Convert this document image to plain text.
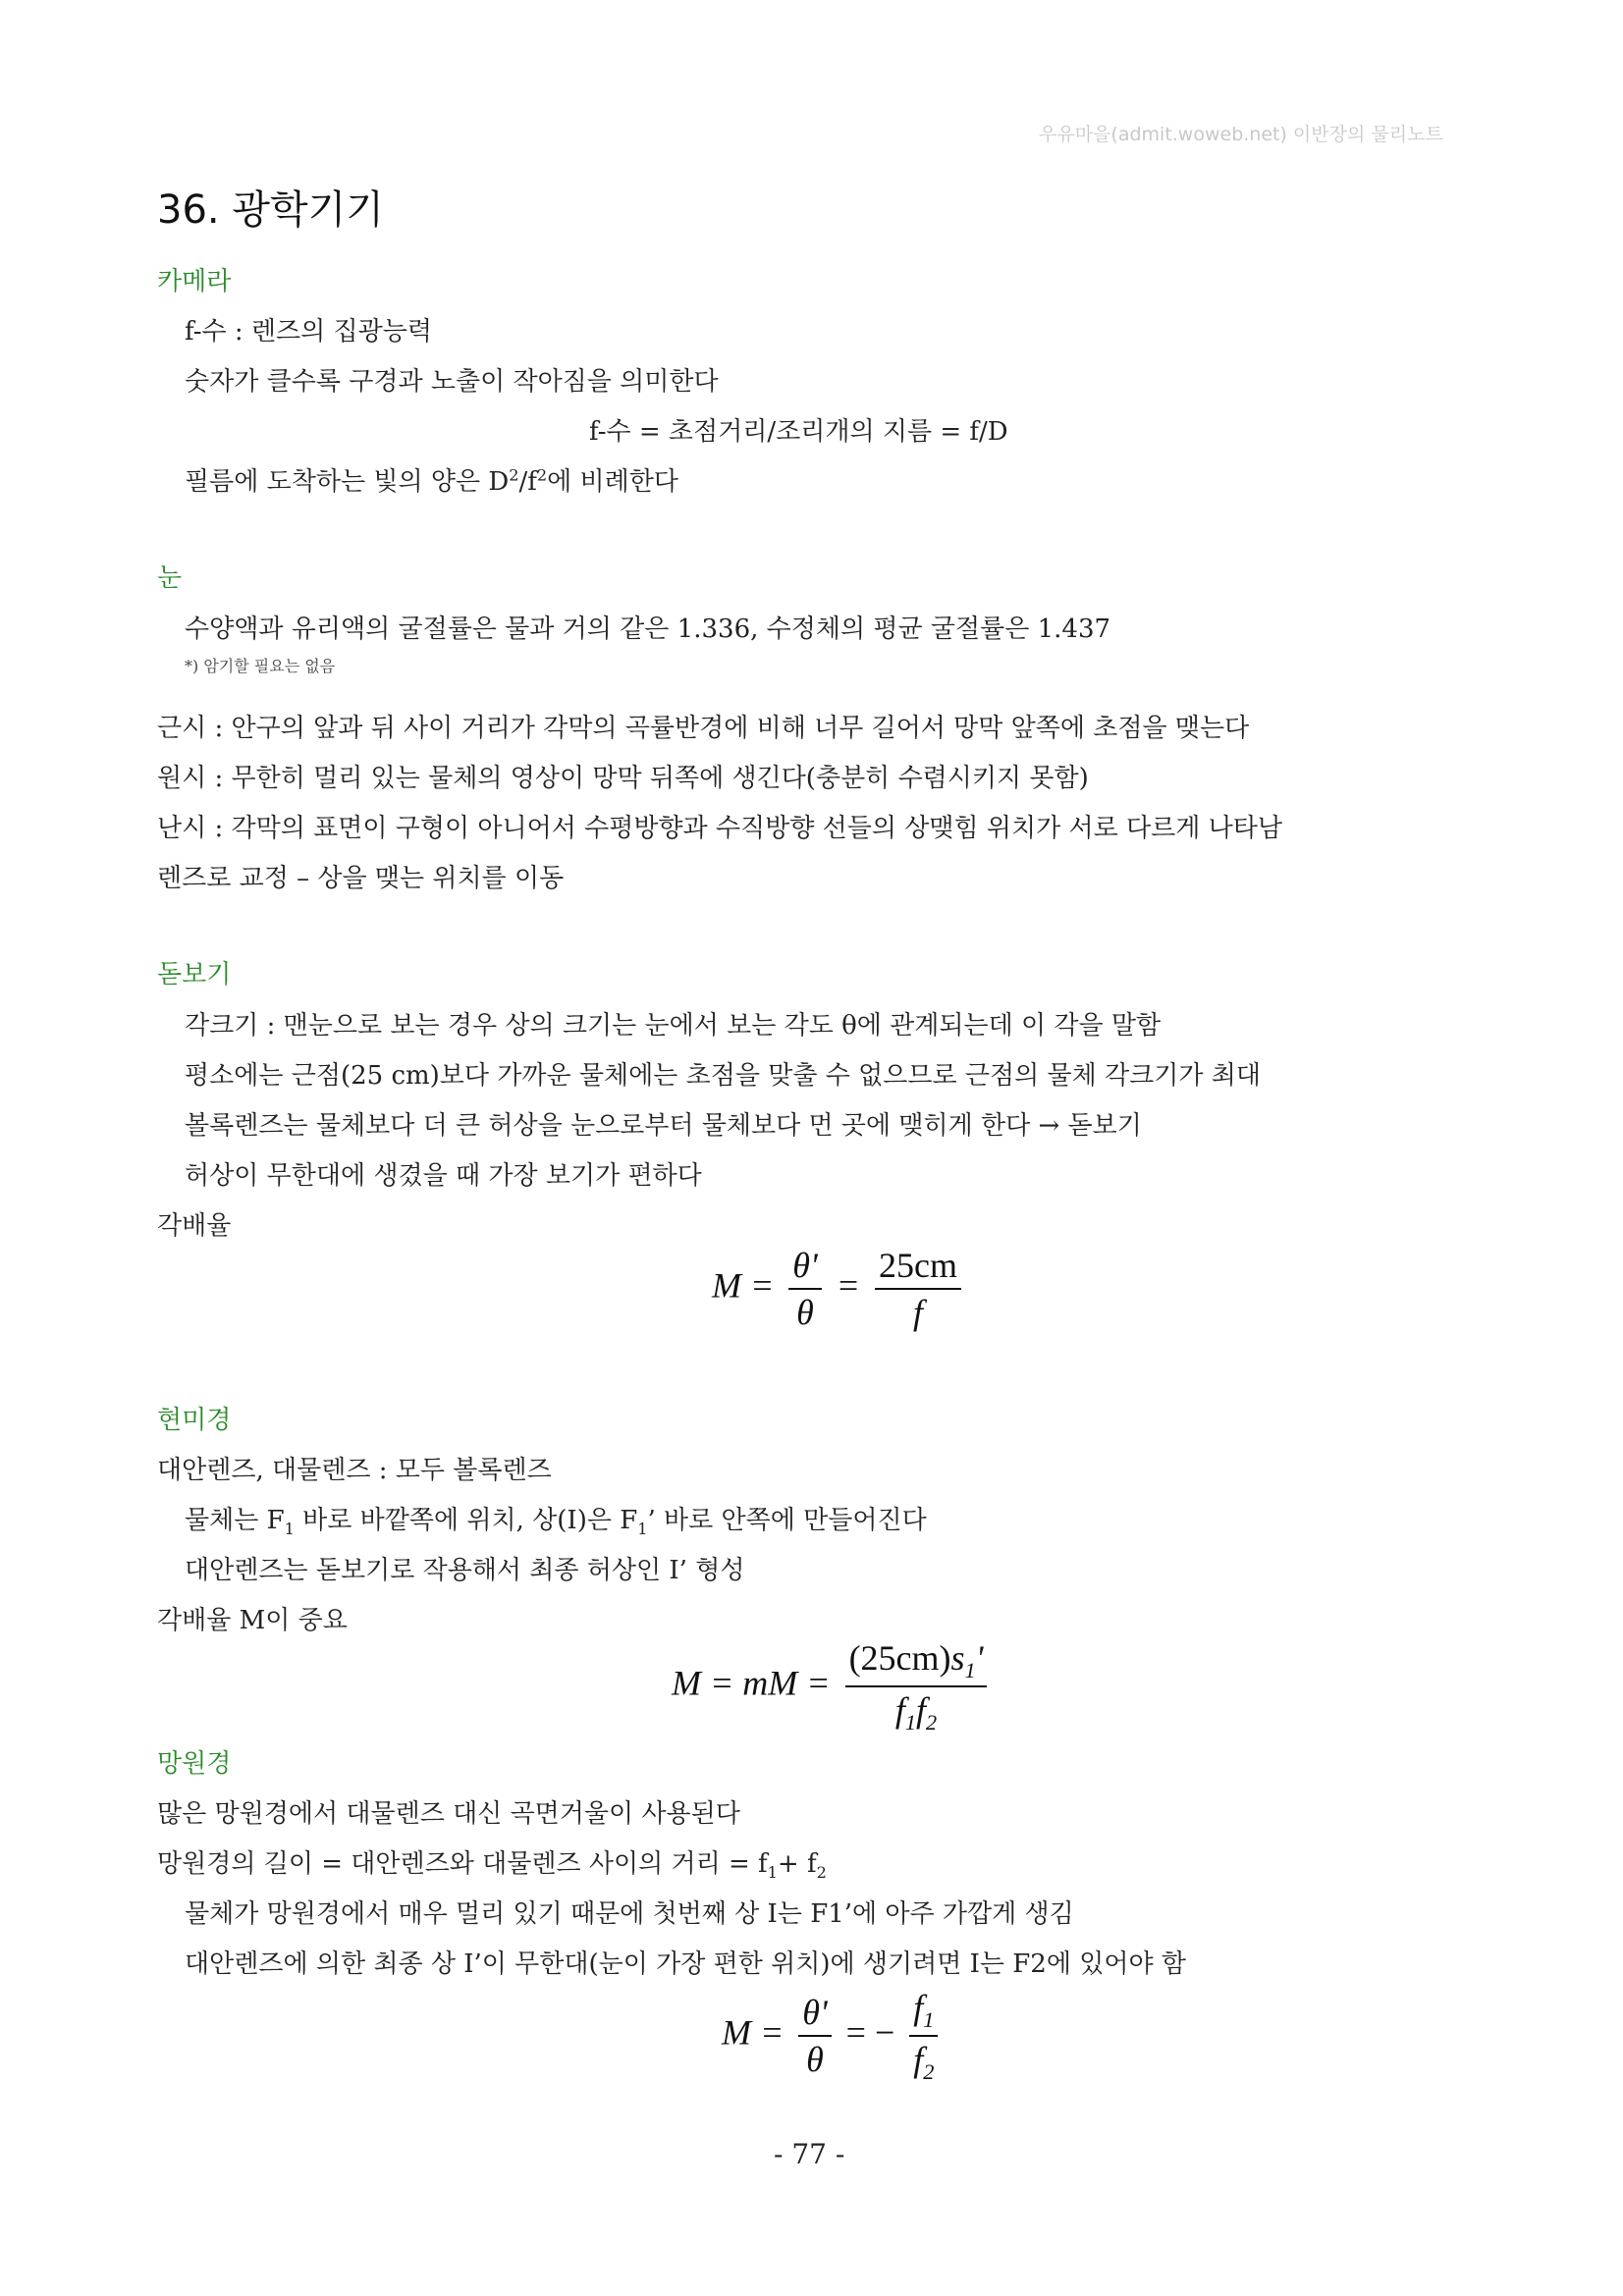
우유마을(admit.woweb.net) 이반장의 물리노트
36. 광학기기
카메라
f-수 : 렌즈의 집광능력
숫자가 클수록 구경과 노출이 작아짐을 의미한다
f-수 = 초점거리/조리개의 지름 = f/D
필름에 도착하는 빛의 양은 $D^2/f^2$에 비례한다
눈
수양액과 유리액의 굴절률은 물과 거의 같은 1.336, 수정체의 평균 굴절률은 1.437
*) 암기할 필요는 없음
근시 : 안구의 앞과 뒤 사이 거리가 각막의 곡률반경에 비해 너무 길어서 망막 앞쪽에 초점을 맺는다
원시 : 무한히 멀리 있는 물체의 영상이 망막 뒤쪽에 생긴다(충분히 수렴시키지 못함)
난시 : 각막의 표면이 구형이 아니어서 수평방향과 수직방향 선들의 상맺힘 위치가 서로 다르게 나타남
렌즈로 교정 – 상을 맺는 위치를 이동
돋보기
각크기 : 맨눈으로 보는 경우 상의 크기는 눈에서 보는 각도 θ에 관계되는데 이 각을 말함
평소에는 근점(25 cm)보다 가까운 물체에는 초점을 맞출 수 없으므로 근점의 물체 각크기가 최대
볼록렌즈는 물체보다 더 큰 허상을 눈으로부터 물체보다 먼 곳에 맺히게 한다 → 돋보기
허상이 무한대에 생겼을 때 가장 보기가 편하다
각배율
$M = \frac{\theta'}{\theta} = \frac{25cm}{f}$
현미경
대안렌즈, 대물렌즈 : 모두 볼록렌즈
물체는 $F_1$ 바로 바깥쪽에 위치, 상(I)은 $F_1$’ 바로 안쪽에 만들어진다
대안렌즈는 돋보기로 작용해서 최종 허상인 I’ 형성
각배율 M이 중요
M = mM = $\frac{(25cm)s_1'}{f_1f_2}$
망원경
많은 망원경에서 대물렌즈 대신 곡면거울이 사용된다
망원경의 길이 = 대안렌즈와 대물렌즈 사이의 거리 = $f_1+ f_2$
물체가 망원경에서 매우 멀리 있기 때문에 첫번째 상 I는 F1’에 아주 가깝게 생김
대안렌즈에 의한 최종 상 I’이 무한대(눈이 가장 편한 위치)에 생기려면 I는 F2에 있어야 함
$M = \frac{\theta'}{\theta}$ = − $\frac{f_1}{f_2}$
- 77 -
